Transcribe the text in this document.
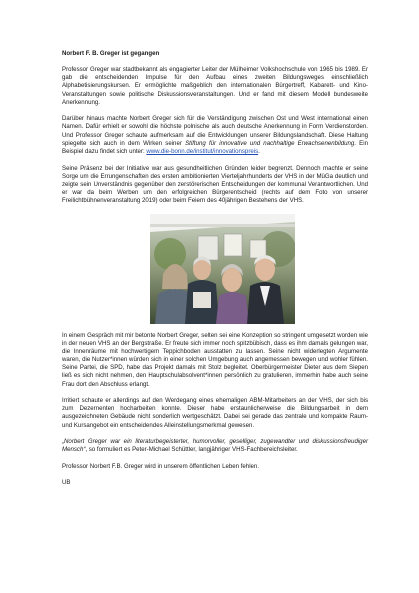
Norbert F. B. Greger ist gegangen

Professor Greger war stadtbekannt als engagierter Leiter der Mülheimer Volkshochschule von 1965 bis 1989. Er gab die entscheidenden Impulse für den Aufbau eines zweiten Bildungsweges einschließlich Alphabetisierungskursen. Er ermöglichte maßgeblich den internationalen Bürgertreff, Kabarett- und Kino-Veranstaltungen sowie politische Diskussionsveranstaltungen. Und er fand mit diesem Modell bundesweite Anerkennung.

Darüber hinaus machte Norbert Greger sich für die Verständigung zwischen Ost und West international einen Namen. Dafür erhielt er sowohl die höchste polnische als auch deutsche Anerkennung in Form Verdienstorden. Und Professor Greger schaute aufmerksam auf die Entwicklungen unserer Bildungslandschaft. Diese Haltung spiegelte sich auch in dem Wirken seiner Stiftung für innovative und nachhaltige Erwachsenenbildung. Ein Beispiel dazu findet sich unter: www.die-bonn.de/institut/innovationspreis.

Seine Präsenz bei der Initiative war aus gesundheitlichen Gründen leider begrenzt. Dennoch machte er seine Sorge um die Errungenschaften des ersten ambitionierten Vierteljahrhunderts der VHS in der MüGa deutlich und zeigte sein Unverständnis gegenüber den zerstörerischen Entscheidungen der kommunal Verantwortlichen. Und er war da beim Werben um den erfolgreichen Bürgerentscheid (rechts auf dem Foto von unserer Freilichtbühnenveranstaltung 2019) oder beim Feiern des 40jährigen Bestehens der VHS.

In einem Gespräch mit mir betonte Norbert Greger, selten sei eine Konzeption so stringent umgesetzt worden wie in der neuen VHS an der Bergstraße. Er freute sich immer noch spitzbübisch, dass es ihm damals gelungen war, die Innenräume mit hochwertigem Teppichboden ausstatten zu lassen. Seine nicht widerlegten Argumente waren, die Nutzer*innen würden sich in einer solchen Umgebung auch angemessen bewegen und wohler fühlen. Seine Partei, die SPD, habe das Projekt damals mit Stolz begleitet. Oberbürgermeister Dieter aus dem Siepen ließ es sich nicht nehmen, den Hauptschulabsolvent*innen persönlich zu gratulieren, immerhin habe auch seine Frau dort den Abschluss erlangt.

Irritiert schaute er allerdings auf den Werdegang eines ehemaligen ABM-Mitarbeiters an der VHS, der sich bis zum Dezernenten hocharbeiten konnte. Dieser habe erstaunlicherweise die Bildungsarbeit in dem ausgezeichneten Gebäude nicht sonderlich wertgeschätzt. Dabei sei gerade das zentrale und kompakte Raum- und Kursangebot ein entscheidendes Alleinstellungsmerkmal gewesen.

„Norbert Greger war ein literaturbegeisterter, humorvoller, geselliger, zugewandter und diskussionsfreudiger Mensch“, so formuliert es Peter-Michael Schüttler, langjähriger VHS-Fachbereichsleiter.

Professor Norbert F.B. Greger wird in unserem öffentlichen Leben fehlen.

UB
